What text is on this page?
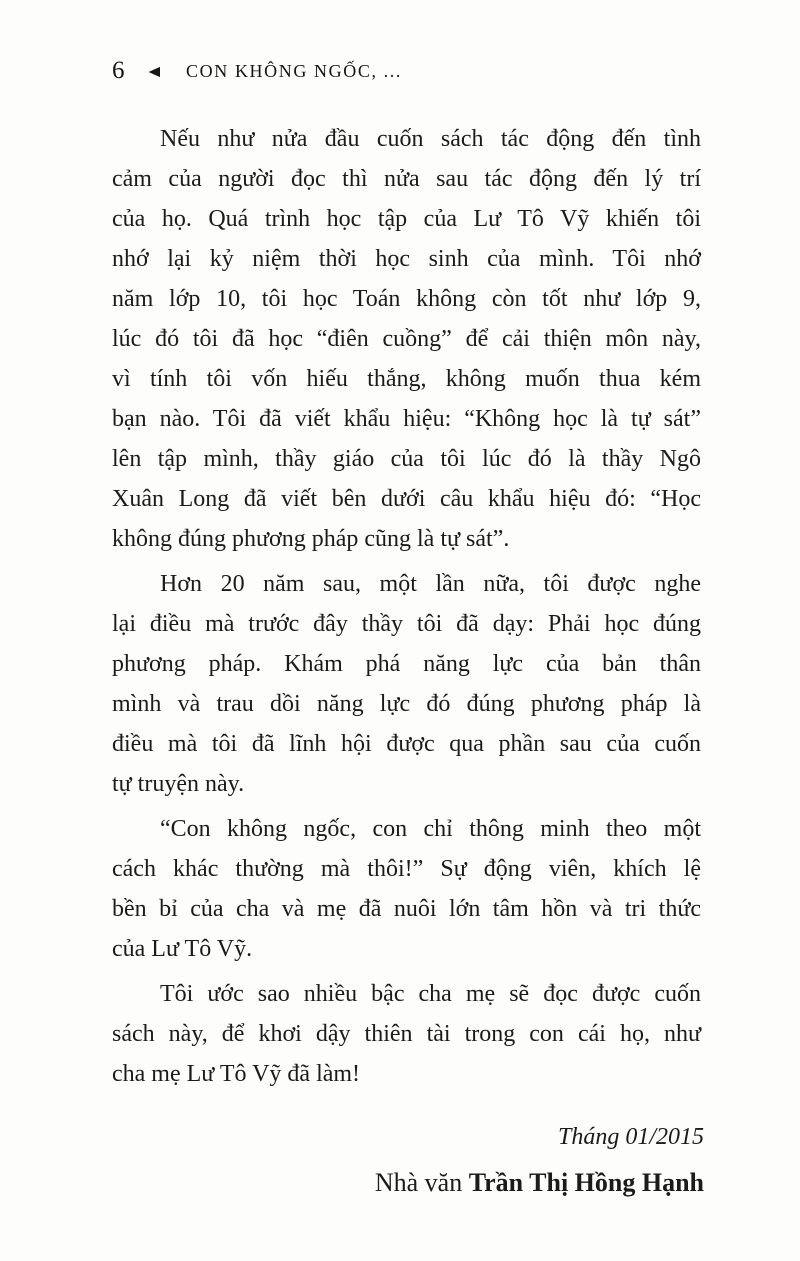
6 ◀ CON KHÔNG NGỐC, ...
Nếu như nửa đầu cuốn sách tác động đến tình
cảm của người đọc thì nửa sau tác động đến lý trí
của họ. Quá trình học tập của Lư Tô Vỹ khiến tôi
nhớ lại kỷ niệm thời học sinh của mình. Tôi nhớ
năm lớp 10, tôi học Toán không còn tốt như lớp 9,
lúc đó tôi đã học “điên cuồng” để cải thiện môn này,
vì tính tôi vốn hiếu thắng, không muốn thua kém
bạn nào. Tôi đã viết khẩu hiệu: “Không học là tự sát”
lên tập mình, thầy giáo của tôi lúc đó là thầy Ngô
Xuân Long đã viết bên dưới câu khẩu hiệu đó: “Học
không đúng phương pháp cũng là tự sát”.
Hơn 20 năm sau, một lần nữa, tôi được nghe
lại điều mà trước đây thầy tôi đã dạy: Phải học đúng
phương pháp. Khám phá năng lực của bản thân
mình và trau dồi năng lực đó đúng phương pháp là
điều mà tôi đã lĩnh hội được qua phần sau của cuốn
tự truyện này.
“Con không ngốc, con chỉ thông minh theo một
cách khác thường mà thôi!” Sự động viên, khích lệ
bền bỉ của cha và mẹ đã nuôi lớn tâm hồn và tri thức
của Lư Tô Vỹ.
Tôi ước sao nhiều bậc cha mẹ sẽ đọc được cuốn
sách này, để khơi dậy thiên tài trong con cái họ, như
cha mẹ Lư Tô Vỹ đã làm!
Tháng 01/2015
Nhà văn Trần Thị Hồng Hạnh
